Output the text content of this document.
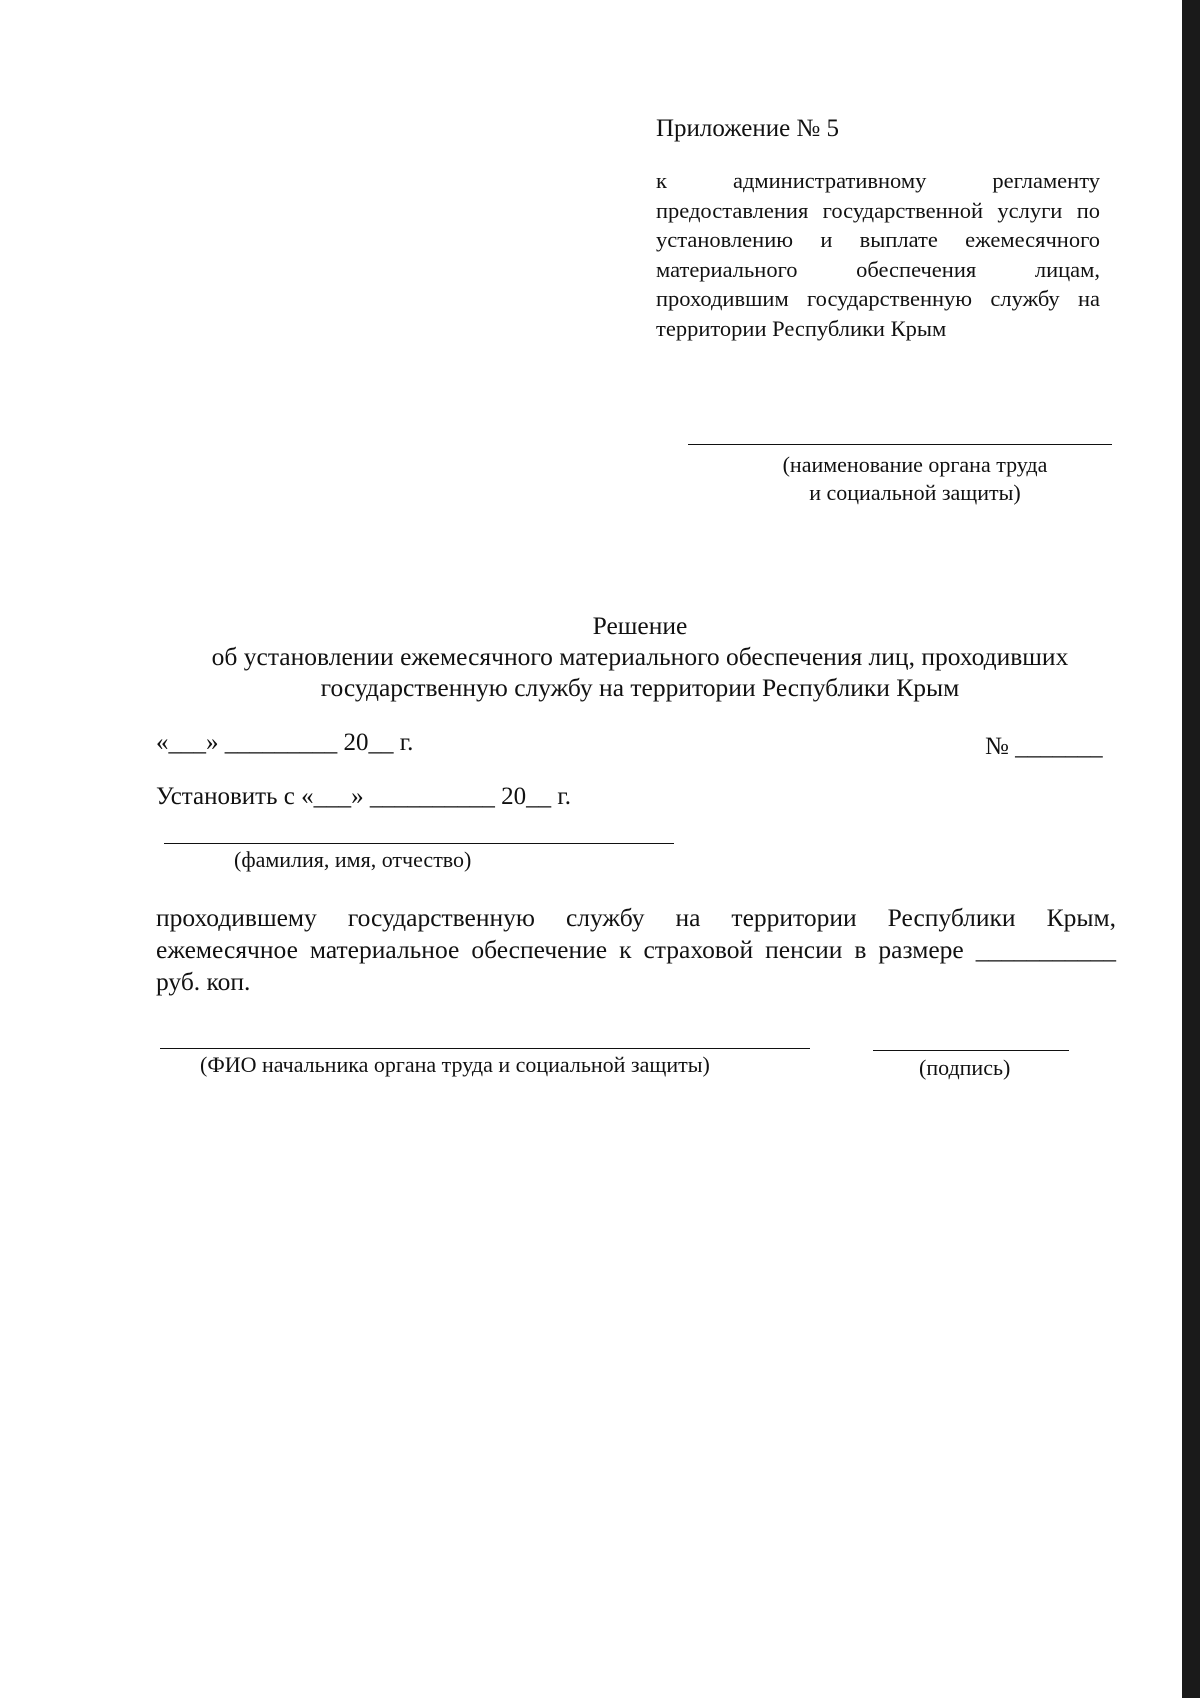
Приложение № 5
к административному регламенту предоставления государственной услуги по установлению и выплате ежемесячного материального обеспечения лицам, проходившим государственную службу на территории Республики Крым
(наименование органа труда
и социальной защиты)
Решение
об установлении ежемесячного материального обеспечения лиц, проходивших
государственную службу на территории Республики Крым
«___» _________ 20__ г.	№ _______
Установить с «___» __________ 20__ г.
(фамилия, имя, отчество)
проходившему государственную службу на территории Республики Крым, ежемесячное материальное обеспечение к страховой пенсии в размере ___________ руб. коп.
(ФИО начальника органа труда и социальной защиты)	(подпись)
